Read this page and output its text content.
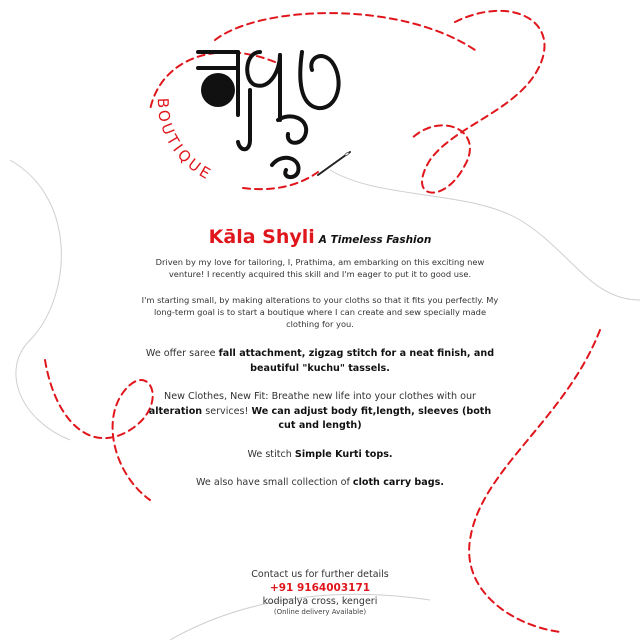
BOUTIQUE
Kāla Shyli A Timeless Fashion

Driven by my love for tailoring, I, Prathima, am embarking on this exciting new venture! I recently acquired this skill and I'm eager to put it to good use.

I'm starting small, by making alterations to your cloths so that it fits you perfectly. My long-term goal is to start a boutique where I can create and sew specially made clothing for you.

We offer saree fall attachment, zigzag stitch for a neat finish, and beautiful "kuchu" tassels.

New Clothes, New Fit: Breathe new life into your clothes with our alteration services! We can adjust body fit,length, sleeves (both cut and length)

We stitch Simple Kurti tops.

We also have small collection of cloth carry bags.

Contact us for further details
+91 9164003171
kodipalya cross, kengeri
(Online delivery Available)
